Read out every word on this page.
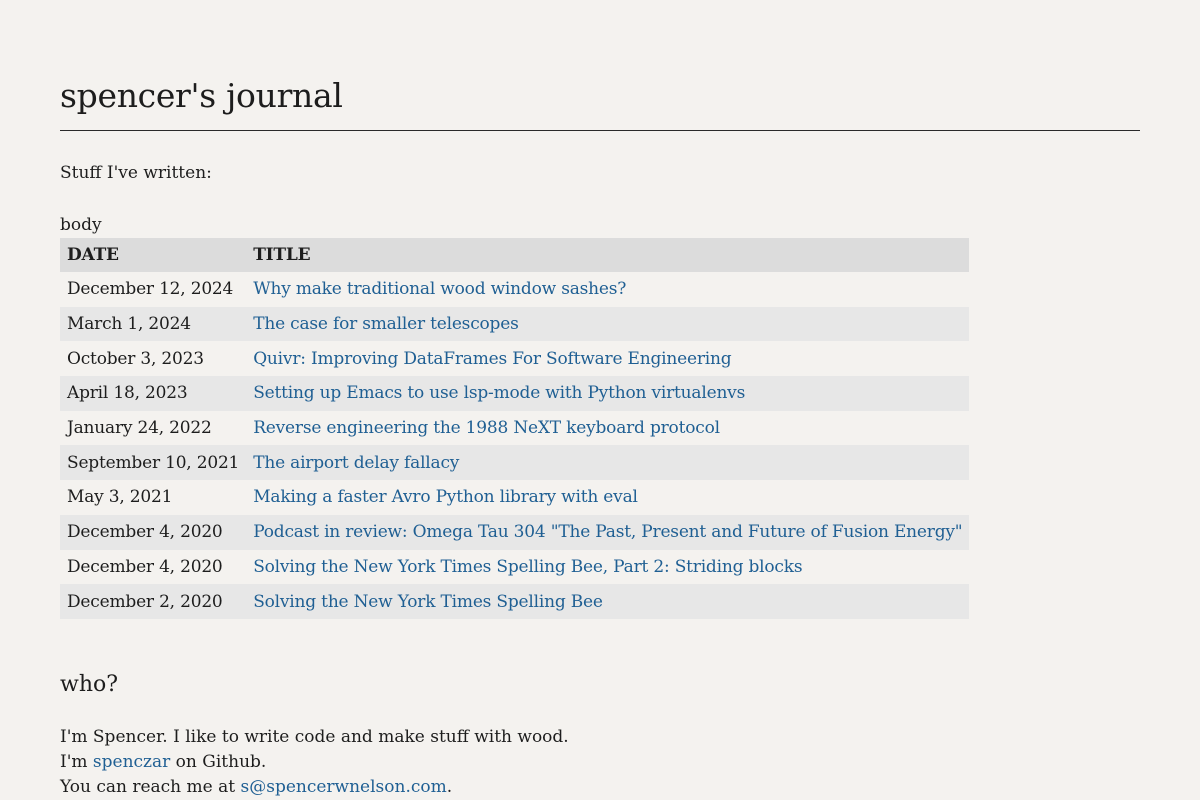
spencer's journal

Stuff I've written:

body
DATE	TITLE
December 12, 2024	Why make traditional wood window sashes?
March 1, 2024	The case for smaller telescopes
October 3, 2023	Quivr: Improving DataFrames For Software Engineering
April 18, 2023	Setting up Emacs to use lsp-mode with Python virtualenvs
January 24, 2022	Reverse engineering the 1988 NeXT keyboard protocol
September 10, 2021	The airport delay fallacy
May 3, 2021	Making a faster Avro Python library with eval
December 4, 2020	Podcast in review: Omega Tau 304 "The Past, Present and Future of Fusion Energy"
December 4, 2020	Solving the New York Times Spelling Bee, Part 2: Striding blocks
December 2, 2020	Solving the New York Times Spelling Bee
who?

I'm Spencer. I like to write code and make stuff with wood.

I'm spenczar on Github.

You can reach me at s@spencerwnelson.com.
